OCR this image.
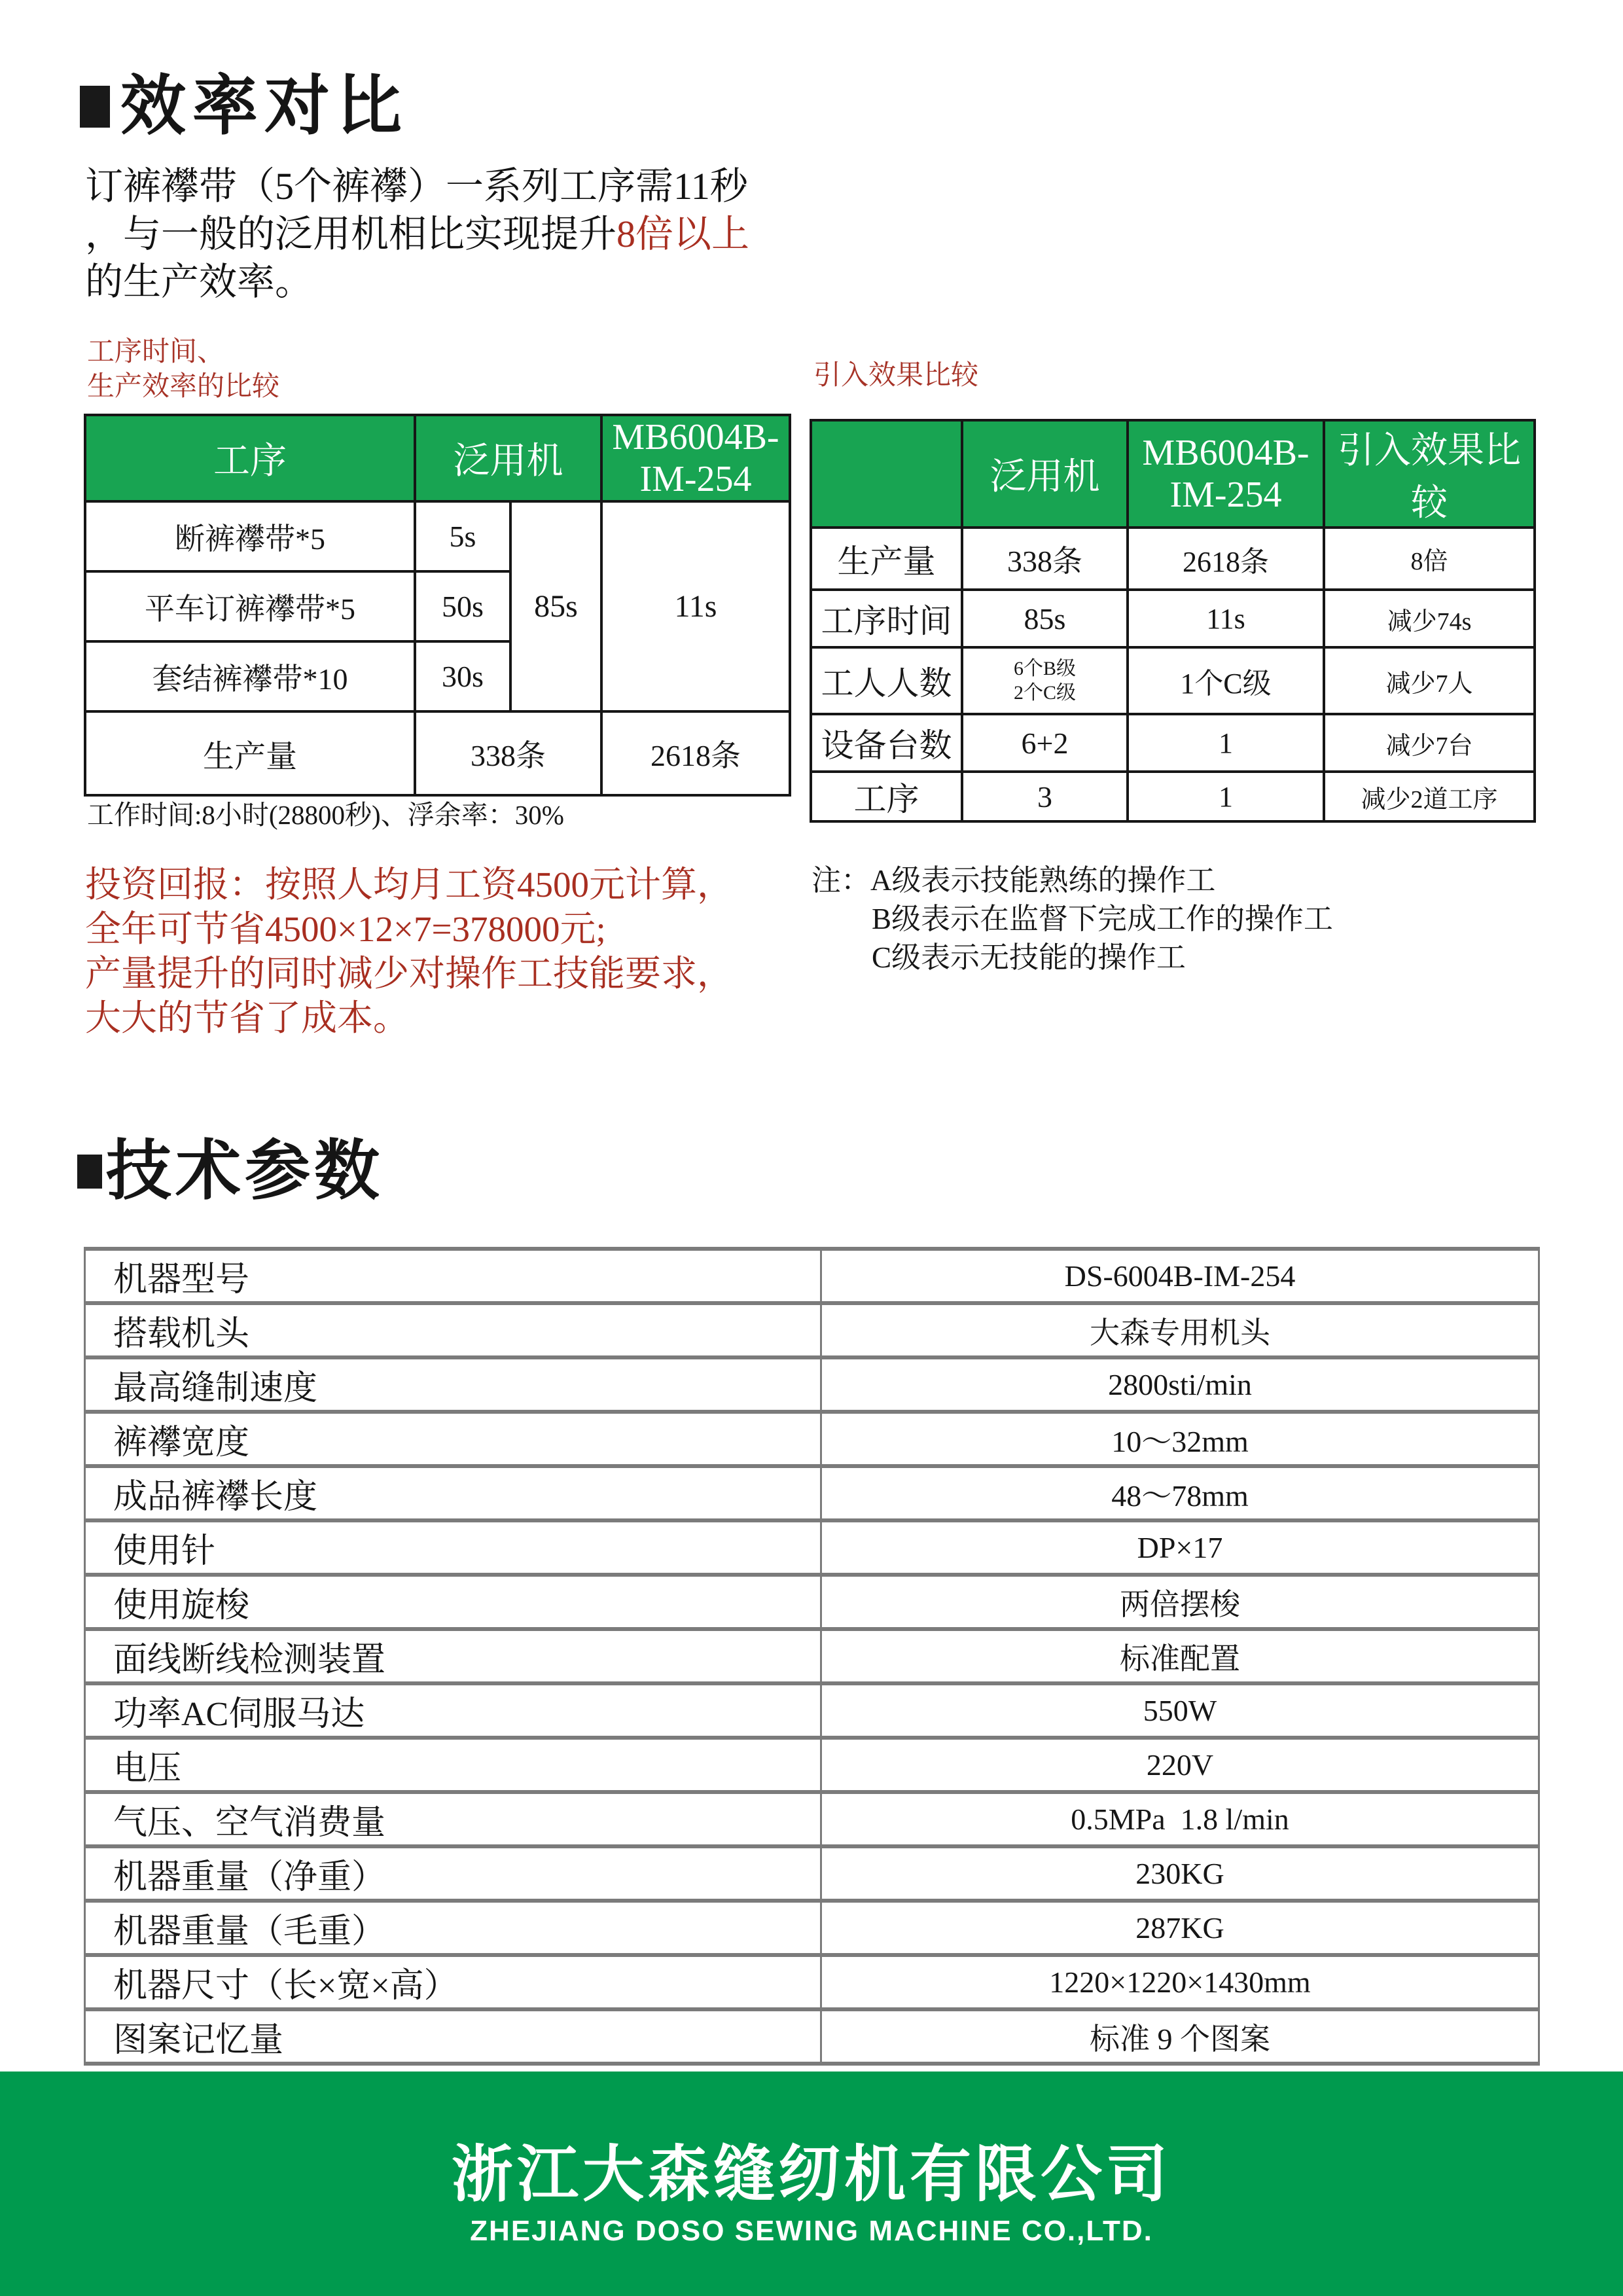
效率对比
订裤襻带（5个裤襻）一系列工序需11秒
，与一般的泛用机相比实现提升8倍以上
的生产效率。
工序时间、
生产效率的比较	引入效果比较
工序	泛用机		MB6004B-IM-254
断裤襻带*5	5s	85s	11s
平车订裤襻带*5	50s		
套结裤襻带*10	30s		
生产量	338条		2618条
	泛用机	MB6004B-IM-254	引入效果比较
生产量	338条	2618条	8倍
工序时间	85s	11s	减少74s
工人人数	6个B级
2个C级	1个C级	减少7人
设备台数	6+2	1	减少7台
工序	3	1	减少2道工序
工作时间:8小时(28800秒)、浮余率：30%
投资回报：按照人均月工资4500元计算，
全年可节省4500×12×7=378000元;
产量提升的同时减少对操作工技能要求，
大大的节省了成本。
注：A级表示技能熟练的操作工
B级表示在监督下完成工作的操作工
C级表示无技能的操作工
技术参数
机器型号	DS-6004B-IM-254
搭载机头	大森专用机头
最高缝制速度	2800sti/min
裤襻宽度	10～32mm
成品裤襻长度	48～78mm
使用针	DP×17
使用旋梭	两倍摆梭
面线断线检测装置	标准配置
功率AC伺服马达	550W
电压	220V
气压、空气消费量	0.5MPa  1.8 l/min
机器重量（净重）	230KG
机器重量（毛重）	287KG
机器尺寸（长×宽×高）	1220×1220×1430mm
图案记忆量	标准 9 个图案
浙江大森缝纫机有限公司
ZHEJIANG DOSO SEWING MACHINE CO.,LTD.
